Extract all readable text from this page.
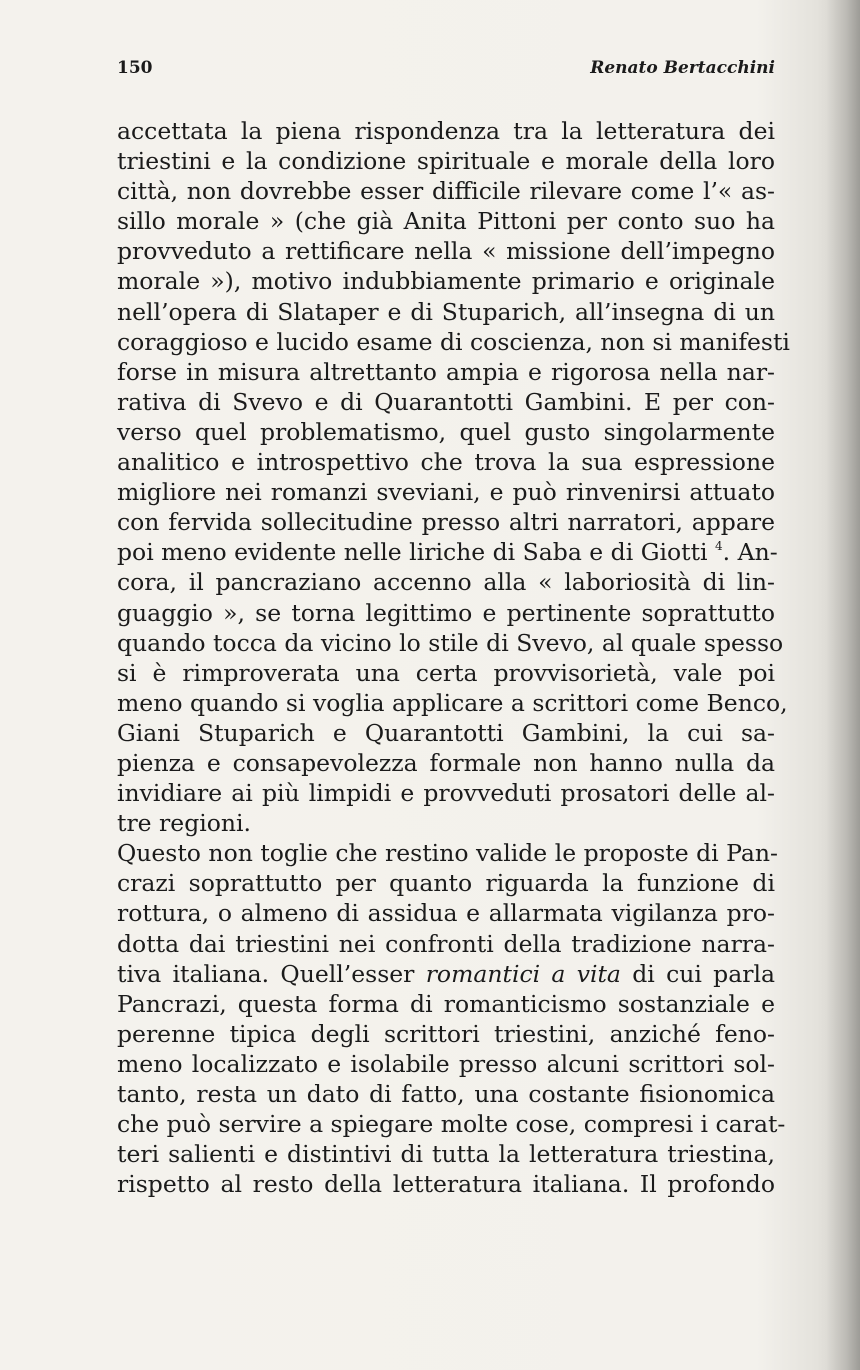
150	Renato Bertacchini
accettata la piena rispondenza tra la letteratura dei
triestini e la condizione spirituale e morale della loro
città, non dovrebbe esser difficile rilevare come l’« as-
sillo morale » (che già Anita Pittoni per conto suo ha
provveduto a rettificare nella « missione dell’impegno
morale »), motivo indubbiamente primario e originale
nell’opera di Slataper e di Stuparich, all’insegna di un
coraggioso e lucido esame di coscienza, non si manifesti
forse in misura altrettanto ampia e rigorosa nella nar-
rativa di Svevo e di Quarantotti Gambini. E per con-
verso quel problematismo, quel gusto singolarmente
analitico e introspettivo che trova la sua espressione
migliore nei romanzi sveviani, e può rinvenirsi attuato
con fervida sollecitudine presso altri narratori, appare
poi meno evidente nelle liriche di Saba e di Giotti $^4$. An-
cora, il pancraziano accenno alla « laboriosità di lin-
guaggio », se torna legittimo e pertinente soprattutto
quando tocca da vicino lo stile di Svevo, al quale spesso
si è rimproverata una certa provvisorietà, vale poi
meno quando si voglia applicare a scrittori come Benco,
Giani Stuparich e Quarantotti Gambini, la cui sa-
pienza e consapevolezza formale non hanno nulla da
invidiare ai più limpidi e provveduti prosatori delle al-
tre regioni.
Questo non toglie che restino valide le proposte di Pan-
crazi soprattutto per quanto riguarda la funzione di
rottura, o almeno di assidua e allarmata vigilanza pro-
dotta dai triestini nei confronti della tradizione narra-
tiva italiana. Quell’esser romantici a vita di cui parla
Pancrazi, questa forma di romanticismo sostanziale e
perenne tipica degli scrittori triestini, anziché feno-
meno localizzato e isolabile presso alcuni scrittori sol-
tanto, resta un dato di fatto, una costante fisionomica
che può servire a spiegare molte cose, compresi i carat-
teri salienti e distintivi di tutta la letteratura triestina,
rispetto al resto della letteratura italiana. Il profondo
